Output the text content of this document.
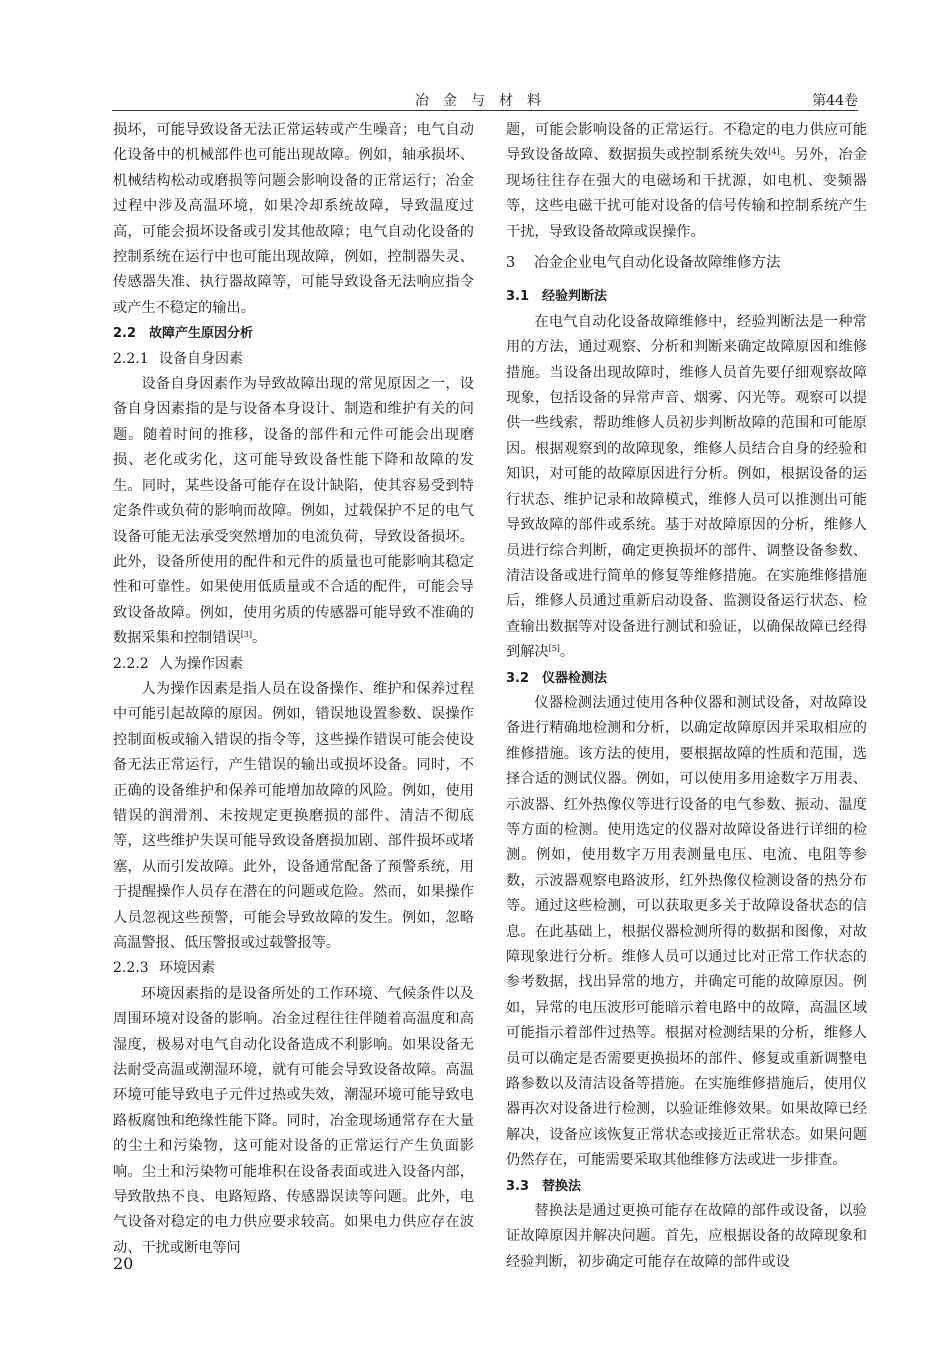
冶金与材料	第44卷

损坏，可能导致设备无法正常运转或产生噪音；电气自动化设备中的机械部件也可能出现故障。例如，轴承损坏、机械结构松动或磨损等问题会影响设备的正常运行；冶金过程中涉及高温环境，如果冷却系统故障，导致温度过高，可能会损坏设备或引发其他故障；电气自动化设备的控制系统在运行中也可能出现故障，例如，控制器失灵、传感器失准、执行器故障等，可能导致设备无法响应指令或产生不稳定的输出。

2.2 故障产生原因分析
2.2.1 设备自身因素

设备自身因素作为导致故障出现的常见原因之一，设备自身因素指的是与设备本身设计、制造和维护有关的问题。随着时间的推移，设备的部件和元件可能会出现磨损、老化或劣化，这可能导致设备性能下降和故障的发生。同时，某些设备可能存在设计缺陷，使其容易受到特定条件或负荷的影响而故障。例如，过载保护不足的电气设备可能无法承受突然增加的电流负荷，导致设备损坏。此外，设备所使用的配件和元件的质量也可能影响其稳定性和可靠性。如果使用低质量或不合适的配件，可能会导致设备故障。例如，使用劣质的传感器可能导致不准确的数据采集和控制错误[3]。

2.2.2 人为操作因素

人为操作因素是指人员在设备操作、维护和保养过程中可能引起故障的原因。例如，错误地设置参数、误操作控制面板或输入错误的指令等，这些操作错误可能会使设备无法正常运行，产生错误的输出或损坏设备。同时，不正确的设备维护和保养可能增加故障的风险。例如，使用错误的润滑剂、未按规定更换磨损的部件、清洁不彻底等，这些维护失误可能导致设备磨损加剧、部件损坏或堵塞，从而引发故障。此外，设备通常配备了预警系统，用于提醒操作人员存在潜在的问题或危险。然而，如果操作人员忽视这些预警，可能会导致故障的发生。例如，忽略高温警报、低压警报或过载警报等。

2.2.3 环境因素

环境因素指的是设备所处的工作环境、气候条件以及周围环境对设备的影响。冶金过程往往伴随着高温度和高湿度，极易对电气自动化设备造成不利影响。如果设备无法耐受高温或潮湿环境，就有可能会导致设备故障。高温环境可能导致电子元件过热或失效，潮湿环境可能导致电路板腐蚀和绝缘性能下降。同时，冶金现场通常存在大量的尘土和污染物，这可能对设备的正常运行产生负面影响。尘土和污染物可能堆积在设备表面或进入设备内部，导致散热不良、电路短路、传感器误读等问题。此外，电气设备对稳定的电力供应要求较高。如果电力供应存在波动、干扰或断电等问

题，可能会影响设备的正常运行。不稳定的电力供应可能导致设备故障、数据损失或控制系统失效[4]。另外，冶金现场往往存在强大的电磁场和干扰源，如电机、变频器等，这些电磁干扰可能对设备的信号传输和控制系统产生干扰，导致设备故障或误操作。

3 冶金企业电气自动化设备故障维修方法
3.1 经验判断法

在电气自动化设备故障维修中，经验判断法是一种常用的方法，通过观察、分析和判断来确定故障原因和维修措施。当设备出现故障时，维修人员首先要仔细观察故障现象，包括设备的异常声音、烟雾、闪光等。观察可以提供一些线索，帮助维修人员初步判断故障的范围和可能原因。根据观察到的故障现象，维修人员结合自身的经验和知识，对可能的故障原因进行分析。例如，根据设备的运行状态、维护记录和故障模式，维修人员可以推测出可能导致故障的部件或系统。基于对故障原因的分析，维修人员进行综合判断，确定更换损坏的部件、调整设备参数、清洁设备或进行简单的修复等维修措施。在实施维修措施后，维修人员通过重新启动设备、监测设备运行状态、检查输出数据等对设备进行测试和验证，以确保故障已经得到解决[5]。

3.2 仪器检测法

仪器检测法通过使用各种仪器和测试设备，对故障设备进行精确地检测和分析，以确定故障原因并采取相应的维修措施。该方法的使用，要根据故障的性质和范围，选择合适的测试仪器。例如，可以使用多用途数字万用表、示波器、红外热像仪等进行设备的电气参数、振动、温度等方面的检测。使用选定的仪器对故障设备进行详细的检测。例如，使用数字万用表测量电压、电流、电阻等参数，示波器观察电路波形，红外热像仪检测设备的热分布等。通过这些检测，可以获取更多关于故障设备状态的信息。在此基础上，根据仪器检测所得的数据和图像，对故障现象进行分析。维修人员可以通过比对正常工作状态的参考数据，找出异常的地方，并确定可能的故障原因。例如，异常的电压波形可能暗示着电路中的故障，高温区域可能指示着部件过热等。根据对检测结果的分析，维修人员可以确定是否需要更换损坏的部件、修复或重新调整电路参数以及清洁设备等措施。在实施维修措施后，使用仪器再次对设备进行检测，以验证维修效果。如果故障已经解决，设备应该恢复正常状态或接近正常状态。如果问题仍然存在，可能需要采取其他维修方法或进一步排查。

3.3 替换法

替换法是通过更换可能存在故障的部件或设备，以验证故障原因并解决问题。首先，应根据设备的故障现象和经验判断，初步确定可能存在故障的部件或设

20
